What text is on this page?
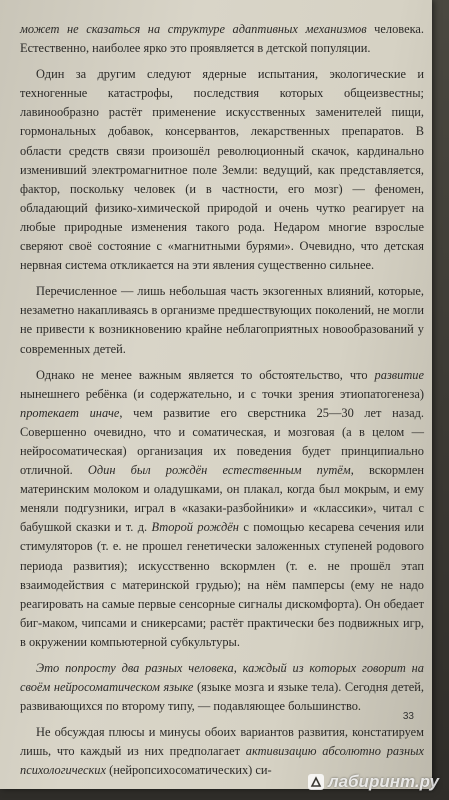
может не сказаться на структуре адаптивных механизмов человека. Естественно, наиболее ярко это проявляется в детской популяции.

Один за другим следуют ядерные испытания, экологические и техногенные катастрофы, последствия которых общеизвестны; лавинообразно растёт применение искусственных заменителей пищи, гормональных добавок, консервантов, лекарственных препаратов. В области средств связи произошёл революционный скачок, кардинально изменивший электромагнитное поле Земли: ведущий, как представляется, фактор, поскольку человек (и в частности, его мозг) — феномен, обладающий физико-химической природой и очень чутко реагирует на любые природные изменения такого рода. Недаром многие взрослые сверяют своё состояние с «магнитными бурями». Очевидно, что детская нервная система откликается на эти явления существенно сильнее.

Перечисленное — лишь небольшая часть экзогенных влияний, которые, незаметно накапливаясь в организме предшествующих поколений, не могли не привести к возникновению крайне неблагоприятных новообразований у современных детей.

Однако не менее важным является то обстоятельство, что развитие нынешнего ребёнка (и содержательно, и с точки зрения этиопатогенеза) протекает иначе, чем развитие его сверстника 25—30 лет назад. Совершенно очевидно, что и соматическая, и мозговая (а в целом — нейросоматическая) организация их поведения будет принципиально отличной. Один был рождён естественным путём, вскормлен материнским молоком и оладушками, он плакал, когда был мокрым, и ему меняли подгузники, играл в «казаки-разбойники» и «классики», читал с бабушкой сказки и т. д. Второй рождён с помощью кесарева сечения или стимуляторов (т. е. не прошел генетически заложенных ступеней родового периода развития); искусственно вскормлен (т. е. не прошёл этап взаимодействия с материнской грудью); на нём памперсы (ему не надо реагировать на самые первые сенсорные сигналы дискомфорта). Он обедает биг-маком, чипсами и сникерсами; растёт практически без подвижных игр, в окружении компьютерной субкультуры.

Это попросту два разных человека, каждый из которых говорит на своём нейросоматическом языке (языке мозга и языке тела). Сегодня детей, развивающихся по второму типу, — подавляющее большинство.

Не обсуждая плюсы и минусы обоих вариантов развития, констатируем лишь, что каждый из них предполагает активизацию абсолютно разных психологических (нейропсихосоматических) си-

33
лабиринт.ру
